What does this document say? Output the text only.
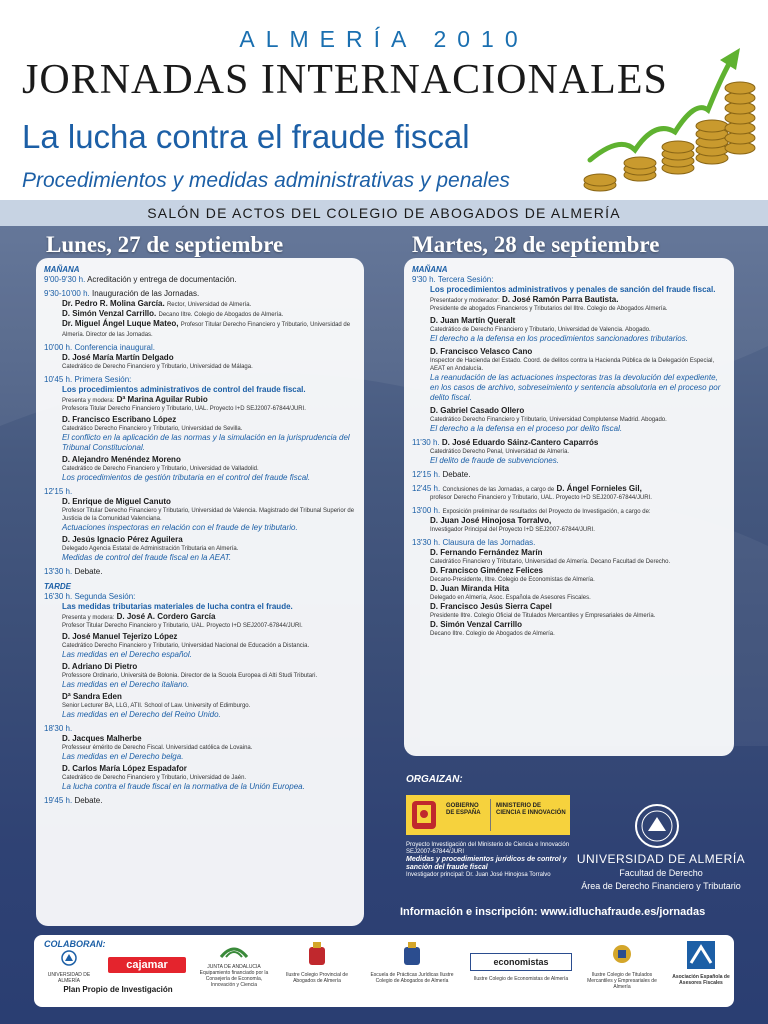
ALMERÍA 2010
JORNADAS INTERNACIONALES
La lucha contra el fraude fiscal
Procedimientos y medidas administrativas y penales
SALÓN DE ACTOS DEL COLEGIO DE ABOGADOS DE ALMERÍA
Lunes, 27 de septiembre	Martes, 28 de septiembre
MAÑANA
9'00-9'30 h. Acreditación y entrega de documentación.
9'30-10'00 h. Inauguración de las Jornadas.
Dr. Pedro R. Molina García. Rector, Universidad de Almería.
D. Simón Venzal Carrillo. Decano Iltre. Colegio de Abogados de Almería.
Dr. Miguel Ángel Luque Mateo, Profesor Titular Derecho Financiero y Tributario, Universidad de Almería. Director de las Jornadas.
10'00 h. Conferencia inaugural.
D. José María Martín Delgado
Catedrático de Derecho Financiero y Tributario, Universidad de Málaga.
10'45 h. Primera Sesión:
Los procedimientos administrativos de control del fraude fiscal.
Presenta y modera: Dª Marina Aguilar Rubio
Profesora Titular Derecho Financiero y Tributario, UAL. Proyecto I+D SEJ2007-67844/JURI.
D. Francisco Escribano López
Catedrático Derecho Financiero y Tributario, Universidad de Sevilla.
El conflicto en la aplicación de las normas y la simulación en la jurisprudencia del Tribunal Constitucional.
D. Alejandro Menéndez Moreno
Catedrático de Derecho Financiero y Tributario, Universidad de Valladolid.
Los procedimientos de gestión tributaria en el control del fraude fiscal.
12'15 h.
D. Enrique de Miguel Canuto
Profesor Titular Derecho Financiero y Tributario, Universidad de Valencia. Magistrado del Tribunal Superior de Justicia de la Comunidad Valenciana.
Actuaciones inspectoras en relación con el fraude de ley tributario.
D. Jesús Ignacio Pérez Aguilera
Delegado Agencia Estatal de Administración Tributaria en Almería.
Medidas de control del fraude fiscal en la AEAT.
13'30 h. Debate.
TARDE
16'30 h. Segunda Sesión:
Las medidas tributarias materiales de lucha contra el fraude.
Presenta y modera: D. José A. Cordero García
Profesor Titular Derecho Financiero y Tributario, UAL. Proyecto I+D SEJ2007-67844/JURI.
D. José Manuel Tejerizo López
Catedrático Derecho Financiero y Tributario, Universidad Nacional de Educación a Distancia.
Las medidas en el Derecho español.
D. Adriano Di Pietro
Professore Ordinario, Università de Bolonia. Director de la Scuola Europea di Alti Studi Tributari.
Las medidas en el Derecho italiano.
Dª Sandra Eden
Senior Lecturer BA, LLG, ATII. School of Law. University of Edimburgo.
Las medidas en el Derecho del Reino Unido.
18'30 h.
D. Jacques Malherbe
Professeur émérito de Derecho Fiscal. Universidad católica de Lovaina.
Las medidas en el Derecho belga.
D. Carlos María López Espadafor
Catedrático de Derecho Financiero y Tributario, Universidad de Jaén.
La lucha contra el fraude fiscal en la normativa de la Unión Europea.
19'45 h. Debate.
MAÑANA
9'30 h. Tercera Sesión:
Los procedimientos administrativos y penales de sanción del fraude fiscal.
Presentador y moderador: D. José Ramón Parra Bautista.
Presidente de abogados Financieros y Tributarios del Iltre. Colegio de Abogados Almería.
D. Juan Martín Queralt
Catedrático de Derecho Financiero y Tributario, Universidad de Valencia. Abogado.
El derecho a la defensa en los procedimientos sancionadores tributarios.
D. Francisco Velasco Cano
Inspector de Hacienda del Estado. Coord. de delitos contra la Hacienda Pública de la Delegación Especial, AEAT en Andalucía.
La reanudación de las actuaciones inspectoras tras la devolución del expediente, en los casos de archivo, sobreseimiento y sentencia absolutoria en el proceso por delito fiscal.
D. Gabriel Casado Ollero
Catedrático Derecho Financiero y Tributario, Universidad Complutense Madrid. Abogado.
El derecho a la defensa en el proceso por delito fiscal.
11'30 h. D. José Eduardo Sáinz-Cantero Caparrós
Catedrático Derecho Penal, Universidad de Almería.
El delito de fraude de subvenciones.
12'15 h. Debate.
12'45 h. Conclusiones de las Jornadas, a cargo de D. Ángel Fornieles Gil,
profesor Derecho Financiero y Tributario, UAL. Proyecto I+D SEJ2007-67844/JURI.
13'00 h. Exposición preliminar de resultados del Proyecto de Investigación, a cargo de:
D. Juan José Hinojosa Torralvo,
Investigador Principal del Proyecto I+D SEJ2007-67844/JURI.
13'30 h. Clausura de las Jornadas.
D. Fernando Fernández Marín
Catedrático Financiero y Tributario, Universidad de Almería. Decano Facultad de Derecho.
D. Francisco Giménez Felices
Decano-Presidente, Iltre. Colegio de Economistas de Almería.
D. Juan Miranda Hita
Delegado en Almería, Asoc. Española de Asesores Fiscales.
D. Francisco Jesús Sierra Capel
Presidente Iltre. Colegio Oficial de Titulados Mercantiles y Empresariales de Almería.
D. Simón Venzal Carrillo
Decano Iltre. Colegio de Abogados de Almería.
ORGAIZAN:
GOBIERNO DE ESPAÑA
MINISTERIO DE CIENCIA E INNOVACIÓN
Proyecto Investigación del Ministerio de Ciencia e Innovación SEJ2007-67844/JURI
Medidas y procedimientos jurídicos de control y sanción del fraude fiscal
Investigador principal: Dr. Juan José Hinojosa Torralvo
UNIVERSIDAD DE ALMERÍA
Facultad de Derecho
Área de Derecho Financiero y Tributario
Información e inscripción: www.idluchafraude.es/jornadas
COLABORAN:
UNIVERSIDAD DE ALMERÍA
Plan Propio de Investigación
cajamar	JUNTA DE ANDALUCIA
Equipamiento financiado por la Consejería de Economía, Innovación y Ciencia
Ilustre Colegio Provincial de Abogados de Almería
Escuela de Prácticas Jurídicas Ilustre Colegio de Abogados de Almería
economistas
Ilustre Colegio de Economistas de Almería
Ilustre Colegio de Titulados Mercantiles y Empresariales de Almería
Asociación Española de Asesores Fiscales
